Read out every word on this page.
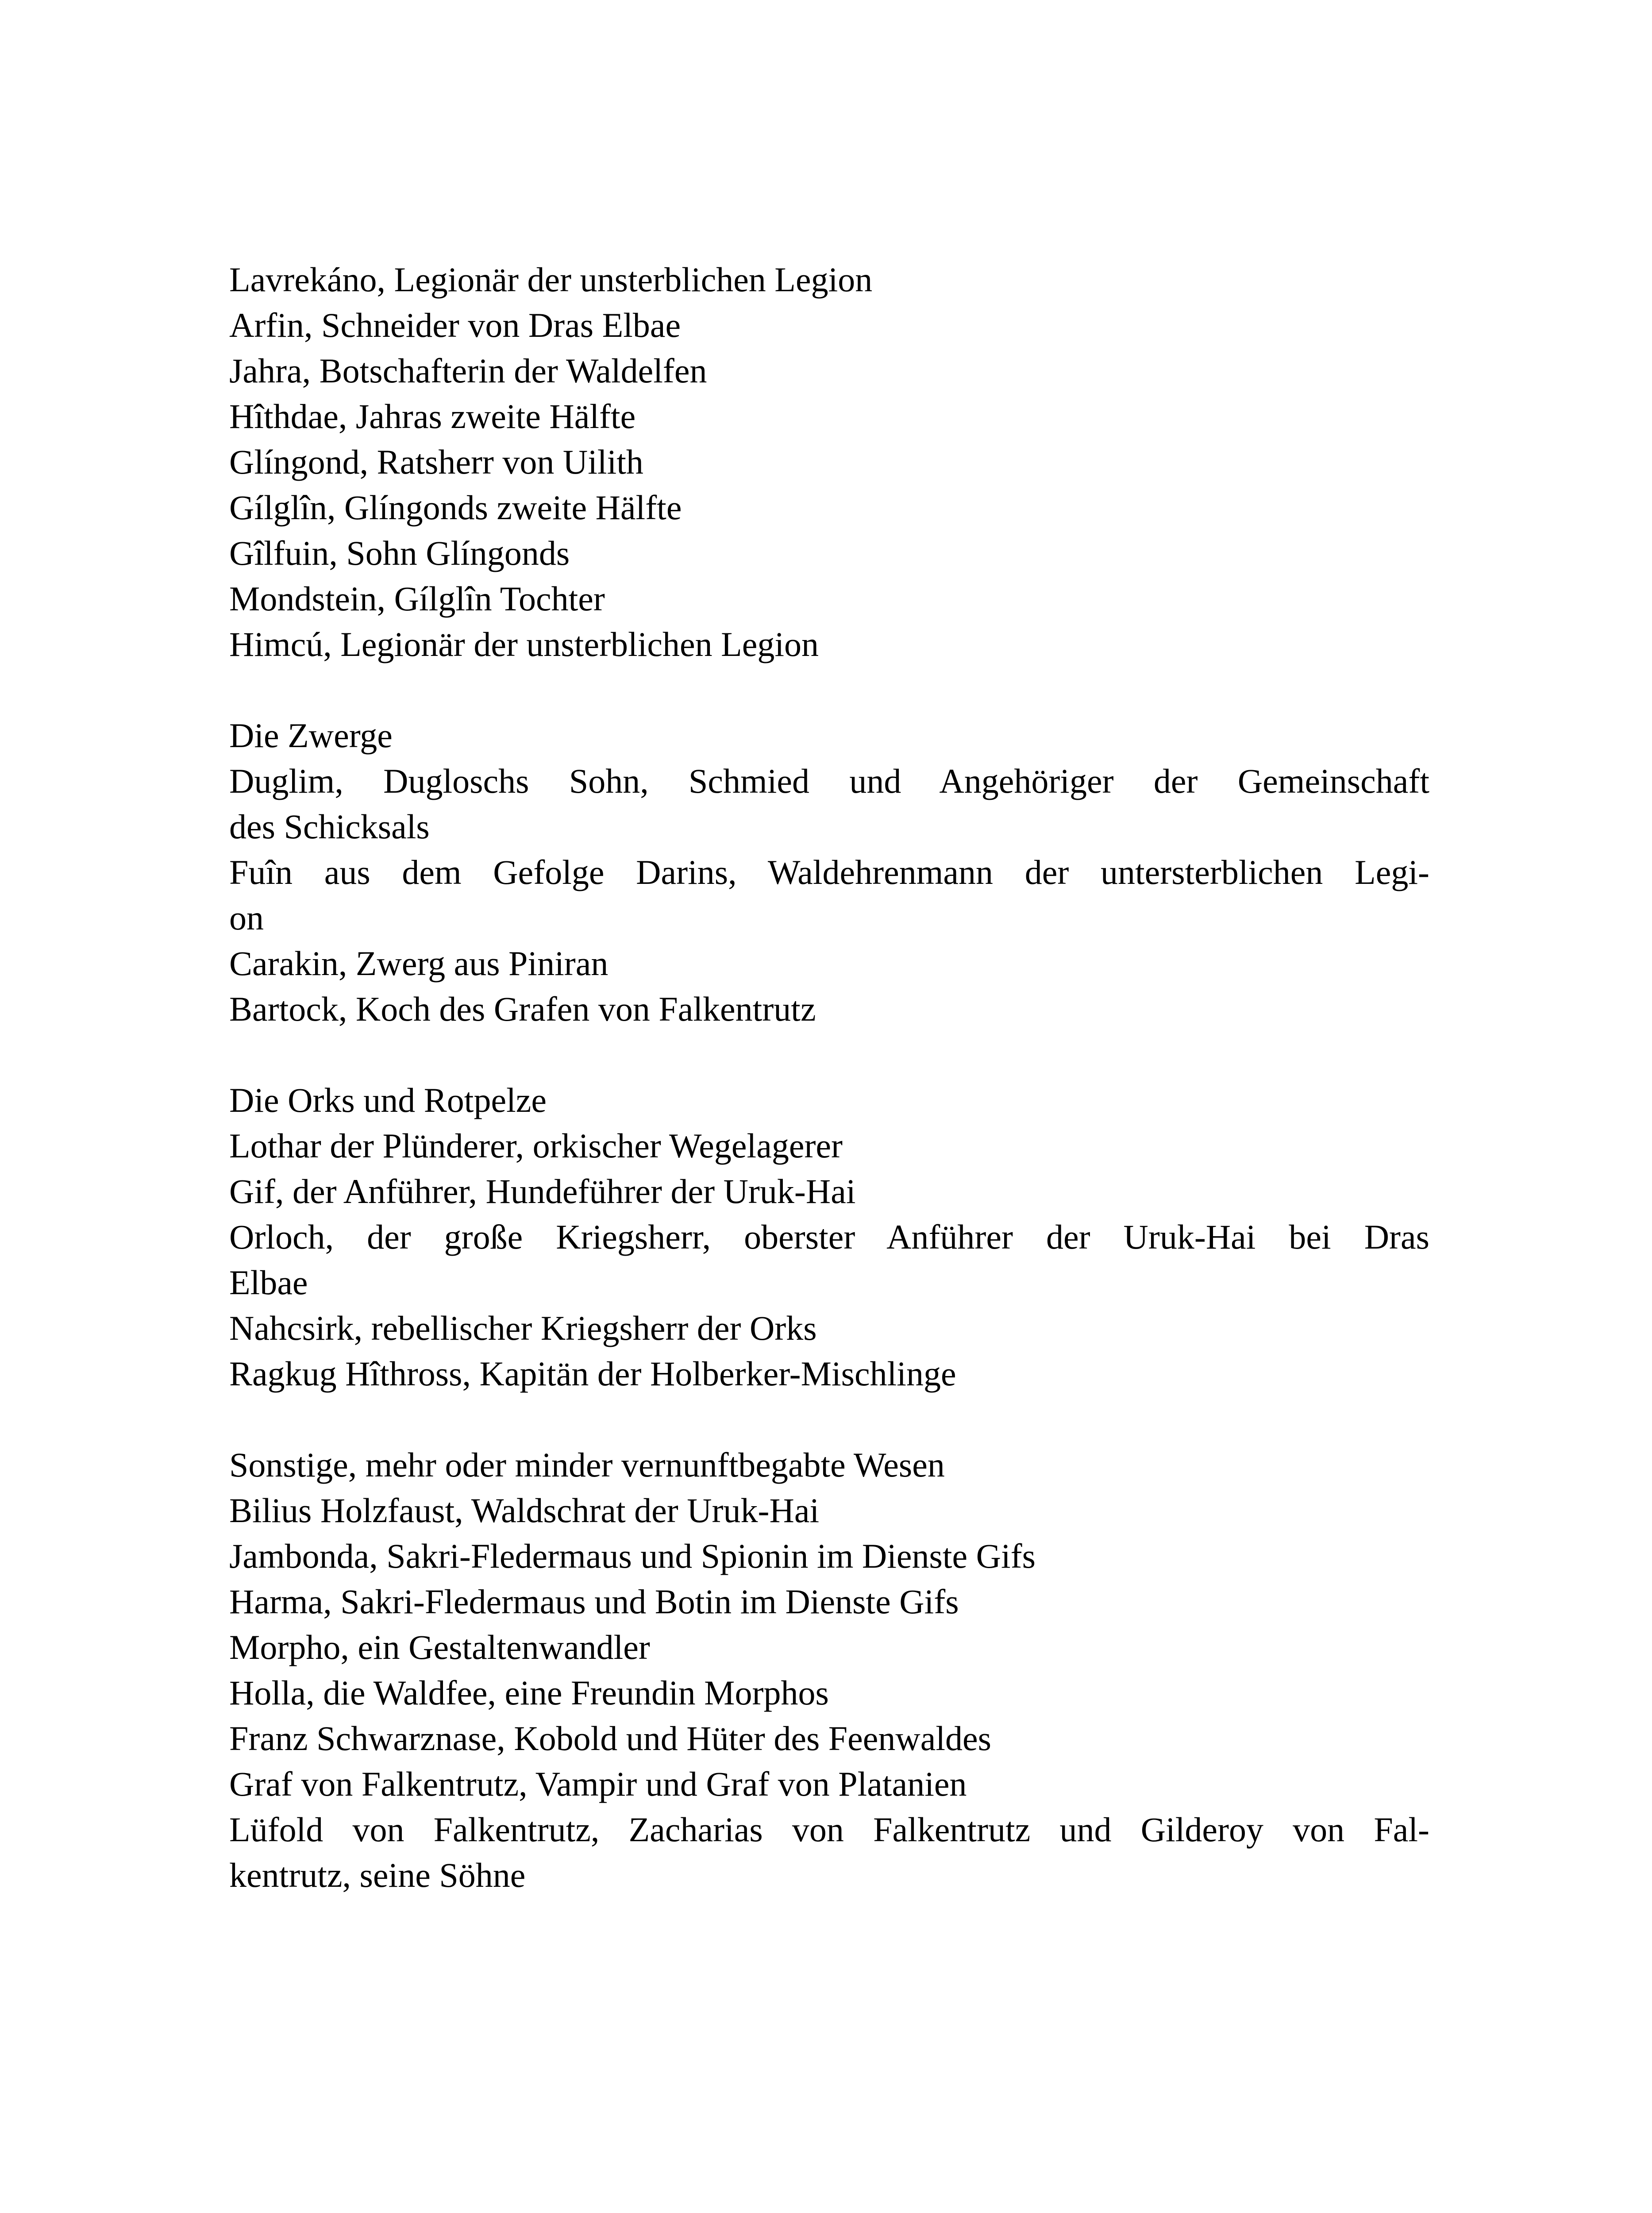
Lavrekáno, Legionär der unsterblichen Legion
Arfin, Schneider von Dras Elbae
Jahra, Botschafterin der Waldelfen
Hîthdae, Jahras zweite Hälfte
Glíngond, Ratsherr von Uilith
Gílglîn, Glíngonds zweite Hälfte
Gîlfuin, Sohn Glíngonds
Mondstein, Gílglîn Tochter
Himcú, Legionär der unsterblichen Legion
Die Zwerge
Duglim, Dugloschs Sohn, Schmied und Angehöriger der Gemeinschaft
des Schicksals
Fuîn aus dem Gefolge Darins, Waldehrenmann der untersterblichen Legi-
on
Carakin, Zwerg aus Piniran
Bartock, Koch des Grafen von Falkentrutz
Die Orks und Rotpelze
Lothar der Plünderer, orkischer Wegelagerer
Gif, der Anführer, Hundeführer der Uruk-Hai
Orloch, der große Kriegsherr, oberster Anführer der Uruk-Hai bei Dras
Elbae
Nahcsirk, rebellischer Kriegsherr der Orks
Ragkug Hîthross, Kapitän der Holberker-Mischlinge
Sonstige, mehr oder minder vernunftbegabte Wesen
Bilius Holzfaust, Waldschrat der Uruk-Hai
Jambonda, Sakri-Fledermaus und Spionin im Dienste Gifs
Harma, Sakri-Fledermaus und Botin im Dienste Gifs
Morpho, ein Gestaltenwandler
Holla, die Waldfee, eine Freundin Morphos
Franz Schwarznase, Kobold und Hüter des Feenwaldes
Graf von Falkentrutz, Vampir und Graf von Platanien
Lüfold von Falkentrutz, Zacharias von Falkentrutz und Gilderoy von Fal-
kentrutz, seine Söhne
